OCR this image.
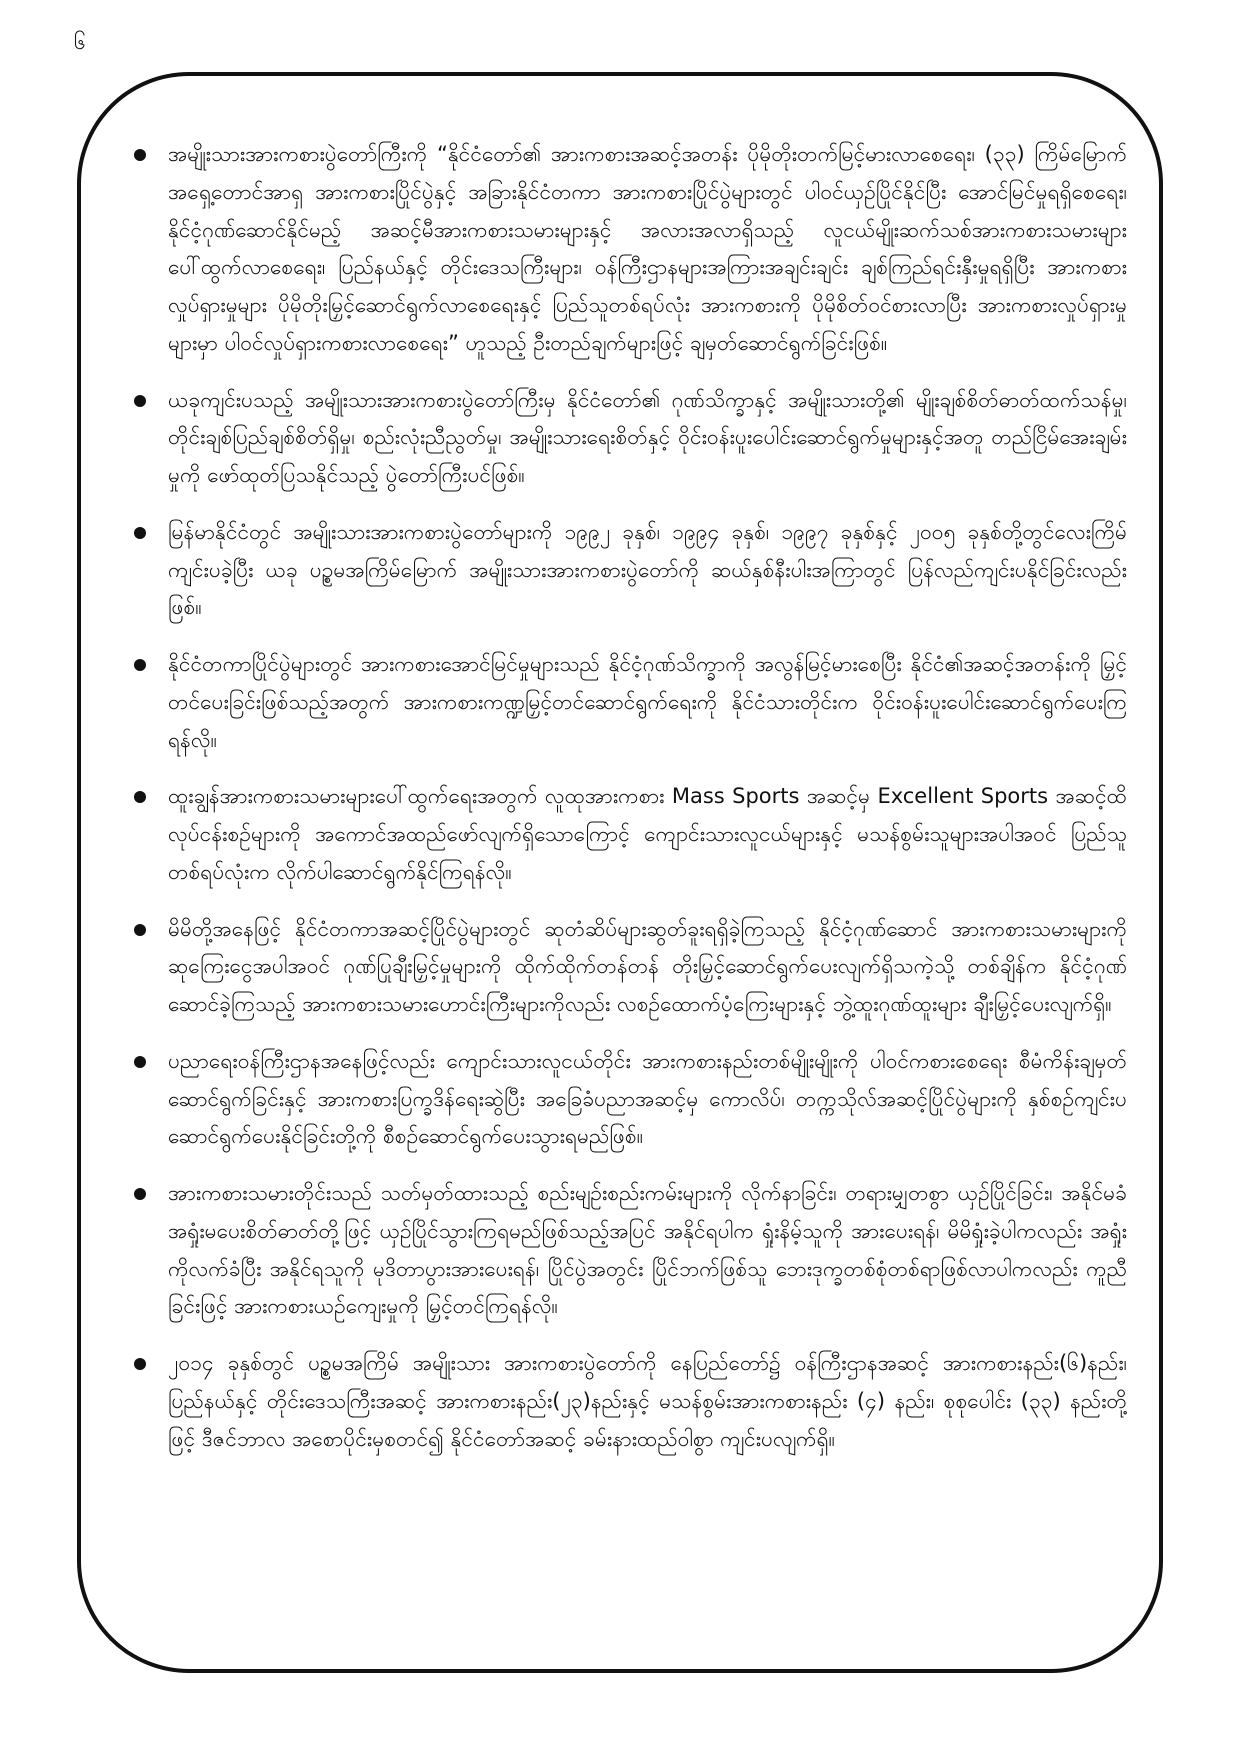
၆

အမျိုးသားအားကစားပွဲတော်ကြီးကို “နိုင်ငံတော်၏ အားကစားအဆင့်အတန်း ပိုမိုတိုးတက်မြင့်မားလာစေရေး၊ (၃၃) ကြိမ်မြောက် အရှေ့တောင်အာရှ အားကစားပြိုင်ပွဲနှင့် အခြားနိုင်ငံတကာ အားကစားပြိုင်ပွဲများတွင် ပါဝင်ယှဉ်ပြိုင်နိုင်ပြီး အောင်မြင်မှုရရှိစေရေး၊ နိုင်ငံ့ဂုဏ်ဆောင်နိုင်မည့် အဆင့်မီအားကစားသမားများနှင့် အလားအလာရှိသည့် လူငယ်မျိုးဆက်သစ်အားကစားသမားများ ပေါ်ထွက်လာစေရေး၊ ပြည်နယ်နှင့် တိုင်းဒေသကြီးများ၊ ဝန်ကြီးဌာနများအကြားအချင်းချင်း ချစ်ကြည်ရင်းနှီးမှုရရှိပြီး အားကစားလှုပ်ရှားမှုများ ပိုမိုတိုးမြှင့်ဆောင်ရွက်လာစေရေးနှင့် ပြည်သူတစ်ရပ်လုံး အားကစားကို ပိုမိုစိတ်ဝင်စားလာပြီး အားကစားလှုပ်ရှားမှုများမှာ ပါဝင်လှုပ်ရှားကစားလာစေရေး” ဟူသည့် ဦးတည်ချက်များဖြင့် ချမှတ်ဆောင်ရွက်ခြင်းဖြစ်။

ယခုကျင်းပသည့် အမျိုးသားအားကစားပွဲတော်ကြီးမှ နိုင်ငံတော်၏ ဂုဏ်သိက္ခာနှင့် အမျိုးသားတို့၏ မျိုးချစ်စိတ်ဓာတ်ထက်သန်မှု၊ တိုင်းချစ်ပြည်ချစ်စိတ်ရှိမှု၊ စည်းလုံးညီညွတ်မှု၊ အမျိုးသားရေးစိတ်နှင့် ဝိုင်းဝန်းပူးပေါင်းဆောင်ရွက်မှုများနှင့်အတူ တည်ငြိမ်အေးချမ်းမှုကို ဖော်ထုတ်ပြသနိုင်သည့် ပွဲတော်ကြီးပင်ဖြစ်။

မြန်မာနိုင်ငံတွင် အမျိုးသားအားကစားပွဲတော်များကို ၁၉၉၂ ခုနှစ်၊ ၁၉၉၄ ခုနှစ်၊ ၁၉၉၇ ခုနှစ်နှင့် ၂၀၀၅ ခုနှစ်တို့တွင်လေးကြိမ်ကျင်းပခဲ့ပြီး ယခု ပဉ္စမအကြိမ်မြောက် အမျိုးသားအားကစားပွဲတော်ကို ဆယ်နှစ်နီးပါးအကြာတွင် ပြန်လည်ကျင်းပနိုင်ခြင်းလည်းဖြစ်။

နိုင်ငံတကာပြိုင်ပွဲများတွင် အားကစားအောင်မြင်မှုများသည် နိုင်ငံ့ဂုဏ်သိက္ခာကို အလွန်မြင့်မားစေပြီး နိုင်ငံ၏အဆင့်အတန်းကို မြှင့်တင်ပေးခြင်းဖြစ်သည့်အတွက် အားကစားကဏ္ဍမြှင့်တင်ဆောင်ရွက်ရေးကို နိုင်ငံသားတိုင်းက ဝိုင်းဝန်းပူးပေါင်းဆောင်ရွက်ပေးကြရန်လို။

ထူးချွန်အားကစားသမားများပေါ်ထွက်ရေးအတွက် လူထုအားကစား Mass Sports အဆင့်မှ Excellent Sports အဆင့်ထိ လုပ်ငန်းစဉ်များကို အကောင်အထည်ဖော်လျက်ရှိသောကြောင့် ကျောင်းသားလူငယ်များနှင့် မသန်စွမ်းသူများအပါအဝင် ပြည်သူတစ်ရပ်လုံးက လိုက်ပါဆောင်ရွက်နိုင်ကြရန်လို။

မိမိတို့အနေဖြင့် နိုင်ငံတကာအဆင့်ပြိုင်ပွဲများတွင် ဆုတံဆိပ်များဆွတ်ခူးရရှိခဲ့ကြသည့် နိုင်ငံ့ဂုဏ်ဆောင် အားကစားသမားများကို ဆုကြေးငွေအပါအဝင် ဂုဏ်ပြုချီးမြှင့်မှုများကို ထိုက်ထိုက်တန်တန် တိုးမြှင့်ဆောင်ရွက်ပေးလျက်ရှိသကဲ့သို့ တစ်ချိန်က နိုင်ငံ့ဂုဏ်ဆောင်ခဲ့ကြသည့် အားကစားသမားဟောင်းကြီးများကိုလည်း လစဉ်ထောက်ပံ့ကြေးများနှင့် ဘွဲ့ထူးဂုဏ်ထူးများ ချီးမြှင့်ပေးလျက်ရှိ။

ပညာရေးဝန်ကြီးဌာနအနေဖြင့်လည်း ကျောင်းသားလူငယ်တိုင်း အားကစားနည်းတစ်မျိုးမျိုးကို ပါဝင်ကစားစေရေး စီမံကိန်းချမှတ်ဆောင်ရွက်ခြင်းနှင့် အားကစားပြက္ခဒိန်ရေးဆွဲပြီး အခြေခံပညာအဆင့်မှ ကောလိပ်၊ တက္ကသိုလ်အဆင့်ပြိုင်ပွဲများကို နှစ်စဉ်ကျင်းပဆောင်ရွက်ပေးနိုင်ခြင်းတို့ကို စီစဉ်ဆောင်ရွက်ပေးသွားရမည်ဖြစ်။

အားကစားသမားတိုင်းသည် သတ်မှတ်ထားသည့် စည်းမျဉ်းစည်းကမ်းများကို လိုက်နာခြင်း၊ တရားမျှတစွာ ယှဉ်ပြိုင်ခြင်း၊ အနိုင်မခံအရှုံးမပေးစိတ်ဓာတ်တို့ဖြင့် ယှဉ်ပြိုင်သွားကြရမည်ဖြစ်သည့်အပြင် အနိုင်ရပါက ရှုံးနိမ့်သူကို အားပေးရန်၊ မိမိရှုံးခဲ့ပါကလည်း အရှုံးကိုလက်ခံပြီး အနိုင်ရသူကို မုဒိတာပွားအားပေးရန်၊ ပြိုင်ပွဲအတွင်း ပြိုင်ဘက်ဖြစ်သူ ဘေးဒုက္ခတစ်စုံတစ်ရာဖြစ်လာပါကလည်း ကူညီခြင်းဖြင့် အားကစားယဉ်ကျေးမှုကို မြှင့်တင်ကြရန်လို။

၂၀၁၄ ခုနှစ်တွင် ပဉ္စမအကြိမ် အမျိုးသား အားကစားပွဲတော်ကို နေပြည်တော်၌ ဝန်ကြီးဌာနအဆင့် အားကစားနည်း(၆)နည်း၊ ပြည်နယ်နှင့် တိုင်းဒေသကြီးအဆင့် အားကစားနည်း(၂၃)နည်းနှင့် မသန်စွမ်းအားကစားနည်း (၄) နည်း၊ စုစုပေါင်း (၃၃) နည်းတို့ဖြင့် ဒီဇင်ဘာလ အစောပိုင်းမှစတင်၍ နိုင်ငံတော်အဆင့် ခမ်းနားထည်ဝါစွာ ကျင်းပလျက်ရှိ။
